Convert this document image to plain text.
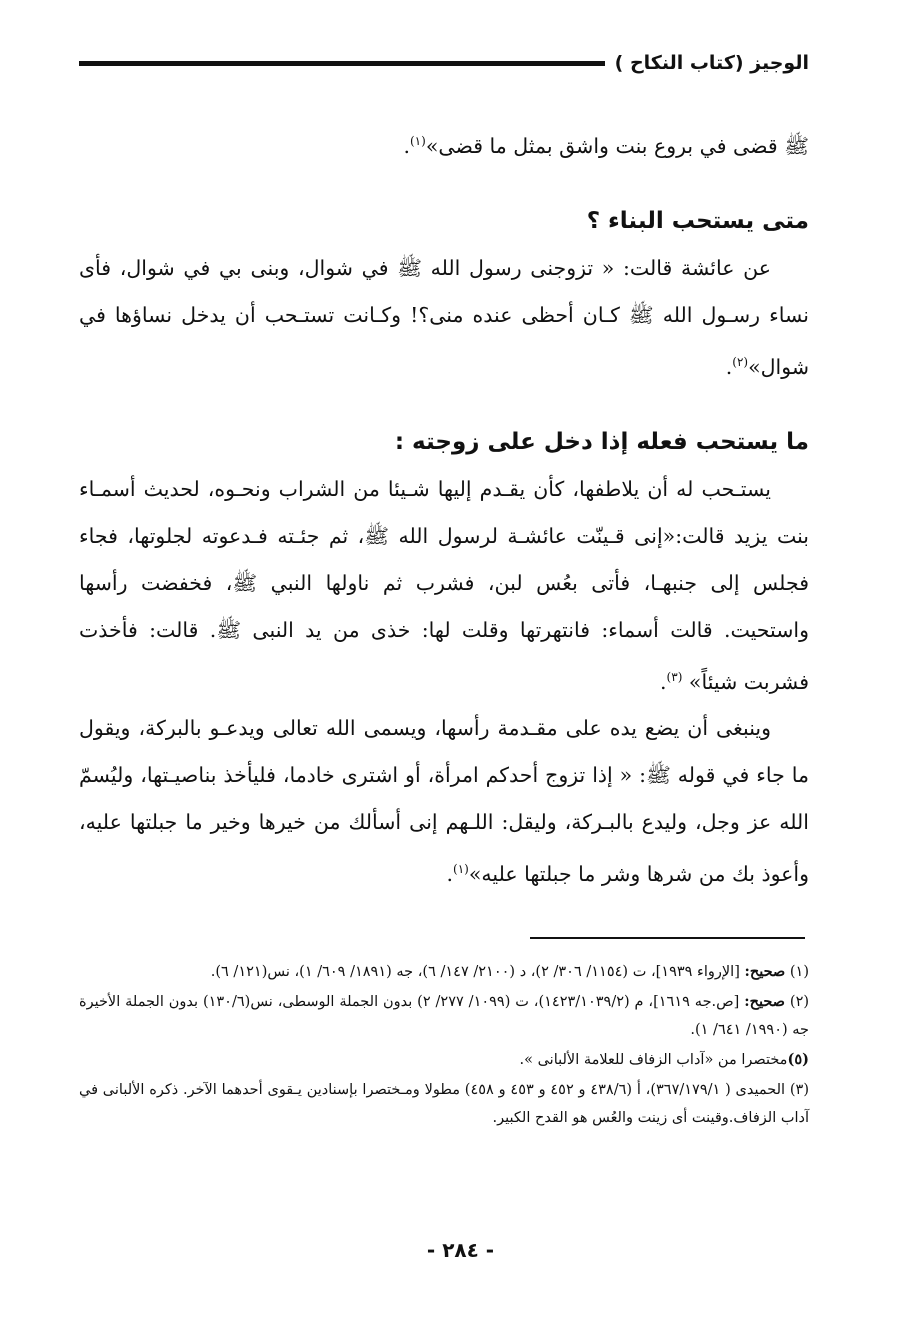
الوجيز (كتاب النكاح )

ﷺ قضى في بروع بنت واشق بمثل ما قضى»$^{(١)}$.

متى يستحب البناء ؟

عن عائشة قالت: « تزوجنى رسول الله ﷺ في شوال، وبنى بي في شوال، فأى نساء رسـول الله ﷺ كـان أحظى عنده منى؟! وكـانت تستـحب أن يدخل نساؤها في شوال»$^{(٢)}$.

ما يستحب فعله إذا دخل على زوجته :

يستـحب له أن يلاطفها، كأن يقـدم إليها شـيئا من الشراب ونحـوه، لحديث أسمـاء بنت يزيد قالت:«إنى قـينّت عائشـة لرسول الله ﷺ، ثم جئـته فـدعوته لجلوتها، فجاء فجلس إلى جنبهـا، فأتى بعُس لبن، فشرب ثم ناولها النبي ﷺ، فخفضت رأسها واستحيت. قالت أسماء: فانتهرتها وقلت لها: خذى من يد النبى ﷺ. قالت: فأخذت فشربت شيئاً» $^{(٣)}$.

وينبغى أن يضع يده على مقـدمة رأسها، ويسمى الله تعالى ويدعـو بالبركة، ويقول ما جاء في قوله ﷺ: « إذا تزوج أحدكم امرأة، أو اشترى خادما، فليأخذ بناصيـتها، وليُسمّ الله عز وجل، وليدع بالبـركة، وليقل: اللـهم إنى أسألك من خيرها وخير ما جبلتها عليه، وأعوذ بك من شرها وشر ما جبلتها عليه»$^{(١)}$.

(١) صحيح: [الإرواء ١٩٣٩]، ت (١١٥٤/ ٣٠٦/ ٢)، د (٢١٠٠/ ١٤٧/ ٦)، جه (١٨٩١/ ٦٠٩/ ١)، نس(١٢١/ ٦).

(٢) صحيح: [ص.جه ١٦١٩]، م (١٤٢٣/١٠٣٩/٢)، ت (١٠٩٩/ ٢٧٧/ ٢) بدون الجملة الوسطى، نس(١٣٠/٦) بدون الجملة الأخيرة جه (١٩٩٠/ ٦٤١/ ١).

(٥)مختصرا من «آداب الزفاف للعلامة الألبانى ».

(٣) الحميدى ( ٣٦٧/١٧٩/١)، أ (٤٣٨/٦ و ٤٥٢ و ٤٥٣ و ٤٥٨) مطولا ومـختصرا بإسنادين يـقوى أحدهما الآخر. ذكره الألبانى في آداب الزفاف.وقينت أى زينت والعُس هو القدح الكبير.

- ٢٨٤ -
